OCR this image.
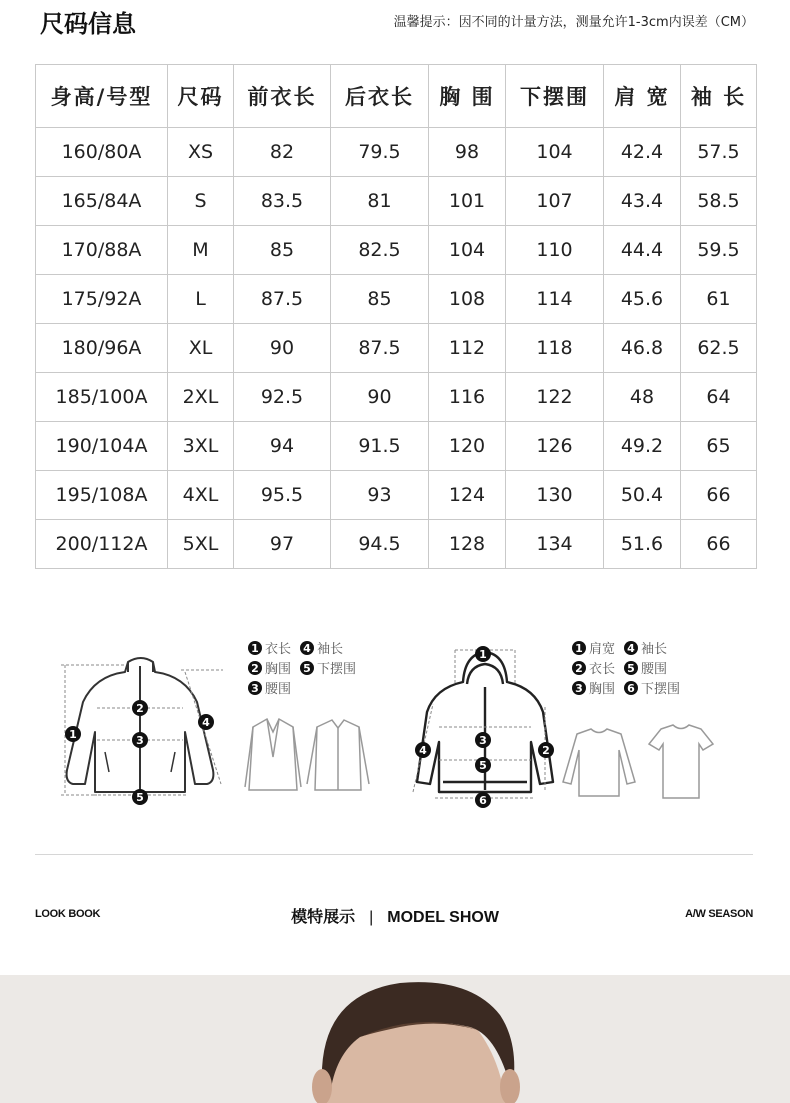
尺码信息	温馨提示：因不同的计量方法，测量允许1-3cm内误差（CM）
身高/号型	尺码	前衣长	后衣长	胸 围	下摆围	肩 宽	袖 长
160/80A	XS	82	79.5	98	104	42.4	57.5
165/84A	S	83.5	81	101	107	43.4	58.5
170/88A	M	85	82.5	104	110	44.4	59.5
175/92A	L	87.5	85	108	114	45.6	61
180/96A	XL	90	87.5	112	118	46.8	62.5
185/100A	2XL	92.5	90	116	122	48	64
190/104A	3XL	94	91.5	120	126	49.2	65
195/108A	4XL	95.5	93	124	130	50.4	66
200/112A	5XL	97	94.5	128	134	51.6	66
1 衣长 4 袖长
2 胸围 5 下摆围
3 腰围
1 肩宽 4 袖长
2 衣长 5 腰围
3 胸围 6 下摆围
1
2
3
4
5
1
2
3
4
5
6
LOOK BOOK	模特展示 | MODEL SHOW	A/W SEASON
